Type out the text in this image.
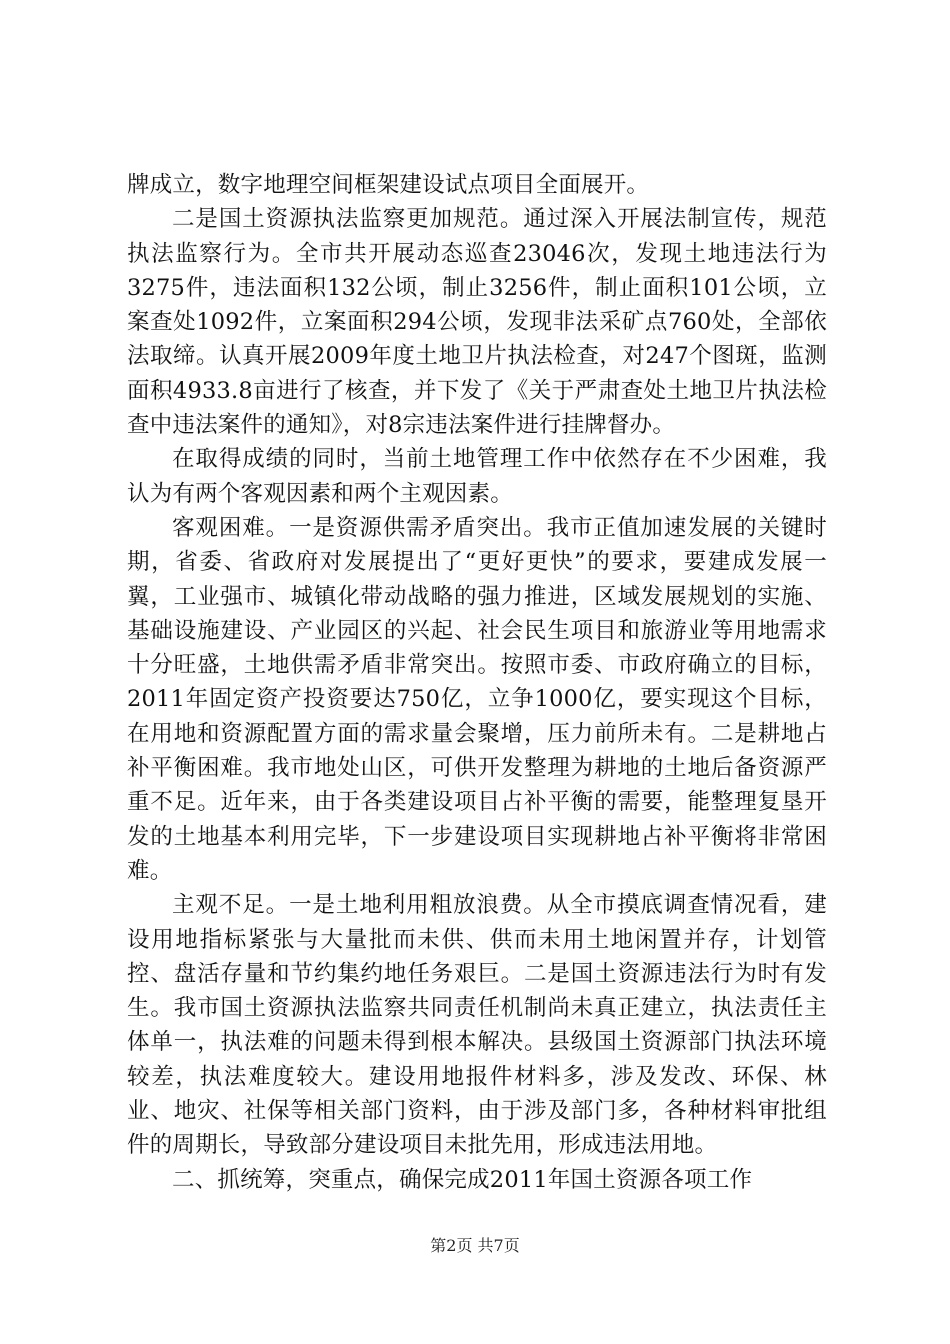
牌成立，数字地理空间框架建设试点项目全面展开。

二是国土资源执法监察更加规范。通过深入开展法制宣传，规范执法监察行为。全市共开展动态巡查23046次，发现土地违法行为3275件，违法面积132公顷，制止3256件，制止面积101公顷，立案查处1092件，立案面积294公顷，发现非法采矿点760处，全部依法取缔。认真开展2009年度土地卫片执法检查，对247个图斑，监测面积4933.8亩进行了核查，并下发了《关于严肃查处土地卫片执法检查中违法案件的通知》，对8宗违法案件进行挂牌督办。

在取得成绩的同时，当前土地管理工作中依然存在不少困难，我认为有两个客观因素和两个主观因素。

客观困难。一是资源供需矛盾突出。我市正值加速发展的关键时期，省委、省政府对发展提出了“更好更快”的要求，要建成发展一翼，工业强市、城镇化带动战略的强力推进，区域发展规划的实施、基础设施建设、产业园区的兴起、社会民生项目和旅游业等用地需求十分旺盛，土地供需矛盾非常突出。按照市委、市政府确立的目标，2011年固定资产投资要达750亿，立争1000亿，要实现这个目标，在用地和资源配置方面的需求量会聚增，压力前所未有。二是耕地占补平衡困难。我市地处山区，可供开发整理为耕地的土地后备资源严重不足。近年来，由于各类建设项目占补平衡的需要，能整理复垦开发的土地基本利用完毕，下一步建设项目实现耕地占补平衡将非常困难。

主观不足。一是土地利用粗放浪费。从全市摸底调查情况看，建设用地指标紧张与大量批而未供、供而未用土地闲置并存，计划管控、盘活存量和节约集约地任务艰巨。二是国土资源违法行为时有发生。我市国土资源执法监察共同责任机制尚未真正建立，执法责任主体单一，执法难的问题未得到根本解决。县级国土资源部门执法环境较差，执法难度较大。建设用地报件材料多，涉及发改、环保、林业、地灾、社保等相关部门资料，由于涉及部门多，各种材料审批组件的周期长，导致部分建设项目未批先用，形成违法用地。

二、抓统筹，突重点，确保完成2011年国土资源各项工作

第2页 共7页
